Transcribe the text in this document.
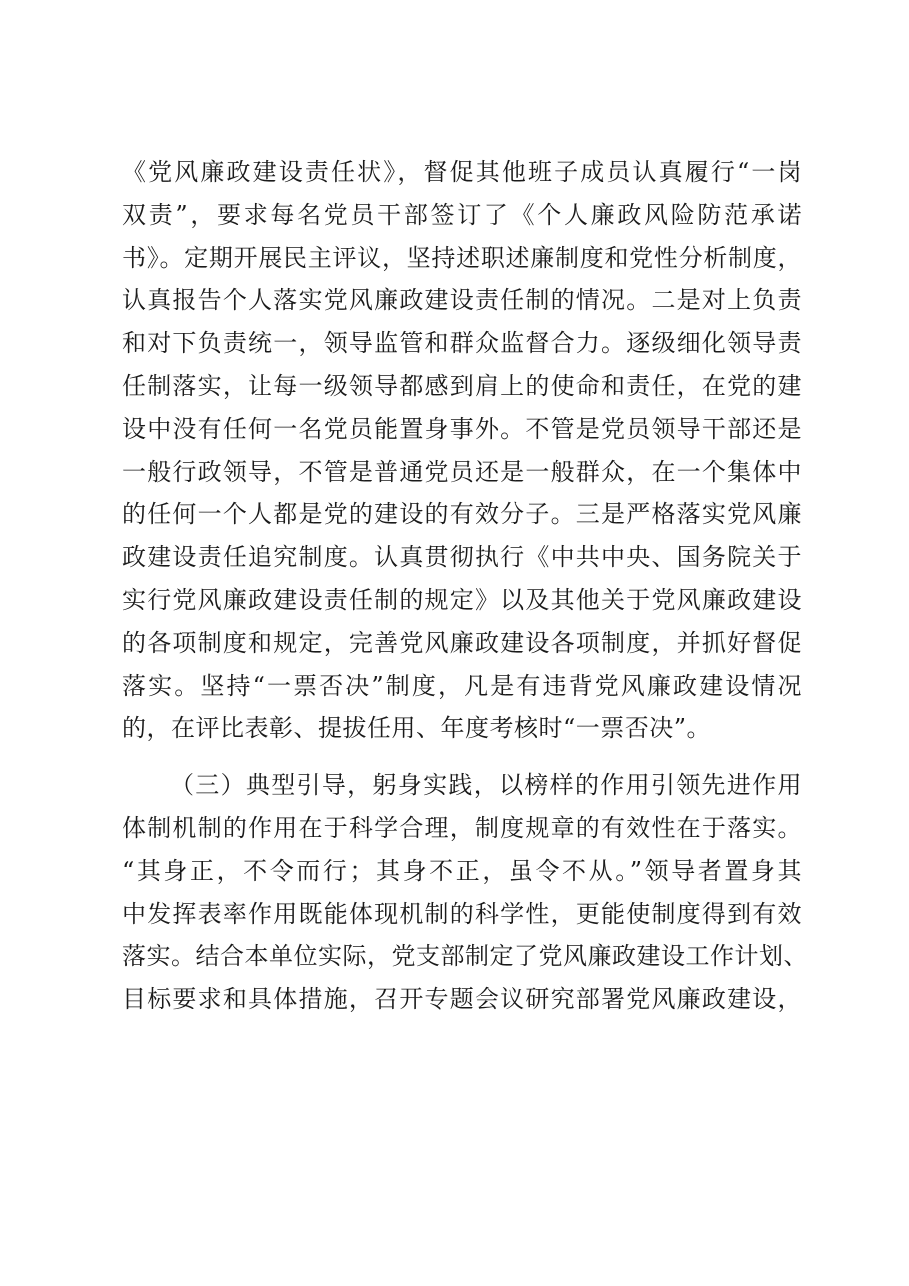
《党风廉政建设责任状》，督促其他班子成员认真履行“一岗
双责”，要求每名党员干部签订了《个人廉政风险防范承诺
书》。定期开展民主评议，坚持述职述廉制度和党性分析制度，
认真报告个人落实党风廉政建设责任制的情况。二是对上负责
和对下负责统一，领导监管和群众监督合力。逐级细化领导责
任制落实，让每一级领导都感到肩上的使命和责任，在党的建
设中没有任何一名党员能置身事外。不管是党员领导干部还是
一般行政领导，不管是普通党员还是一般群众，在一个集体中
的任何一个人都是党的建设的有效分子。三是严格落实党风廉
政建设责任追究制度。认真贯彻执行《中共中央、国务院关于
实行党风廉政建设责任制的规定》以及其他关于党风廉政建设
的各项制度和规定，完善党风廉政建设各项制度，并抓好督促
落实。坚持“一票否决”制度，凡是有违背党风廉政建设情况
的，在评比表彰、提拔任用、年度考核时“一票否决”。
（三）典型引导，躬身实践，以榜样的作用引领先进作用
体制机制的作用在于科学合理，制度规章的有效性在于落实。
“其身正，不令而行；其身不正，虽令不从。”领导者置身其
中发挥表率作用既能体现机制的科学性，更能使制度得到有效
落实。结合本单位实际，党支部制定了党风廉政建设工作计划、
目标要求和具体措施，召开专题会议研究部署党风廉政建设，
